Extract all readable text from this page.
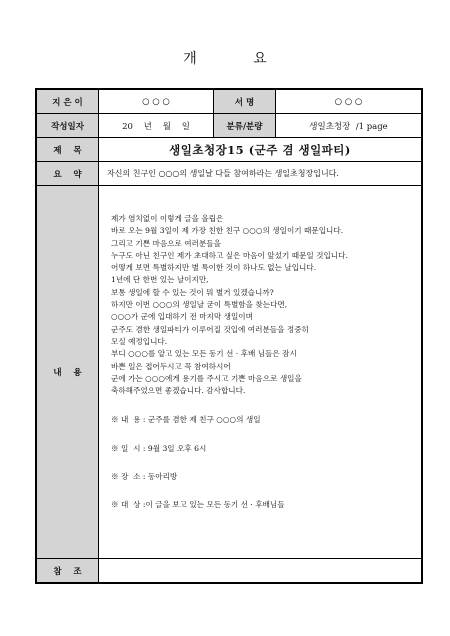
개 요
지 은 이	○ ○ ○	서 명	○ ○ ○
작성일자	20    년    월    일	분류/분량	생일초청장  /1 page
제    목	생일초청장15 (군주 겸 생일파티)
요    약	자신의 친구인 ○○○의 생일날 다들 참여하라는 생일초청장입니다.
내    용
제가 염치없이 이렇게 글을 올립은
바로 오는 9월 3일이 제 가장 친한 친구 ○○○의 생일이기 때문입니다.
그리고 기쁜 마음으로 여러분들을
누구도 아닌 친구인 제가 초대하고 싶은 마음이 앞섰기 때문일 것입니다.
어떻게 보면 특별하지만 별 특이한 것이 하나도 없는 날입니다.
1년에 단 한번 있는 날이지만,
보통 생일에 할 수 있는 것이 뭐 별거 있겠습니까?
하지만 이번 ○○○의 생일날 굳이 특별함을 찾는다면,
○○○가 군에 입대하기 전 마지막 생일이며
군주도 겸한 생일파티가 이루어질 것입에 여러분들을 정중히
모실 예정입니다.
부디 ○○○를 알고 있는 모든 동기 선 · 후배 님들은 잠시
바쁜 일은 접어두시고 꼭 참여하시어
군에 가는 ○○○에게 용기를 주시고 기쁜 마음으로 생일을
축하해주었으면 좋겠습니다. 감사합니다.
※ 내  용 : 군주를 겸한 제 친구 ○○○의 생일
※ 일  시 : 9월 3일 오후 6시
※ 장  소 : 동아리방
※ 대  상 :이 글을 보고 있는 모든 동기 선 · 후배님들
참    조
